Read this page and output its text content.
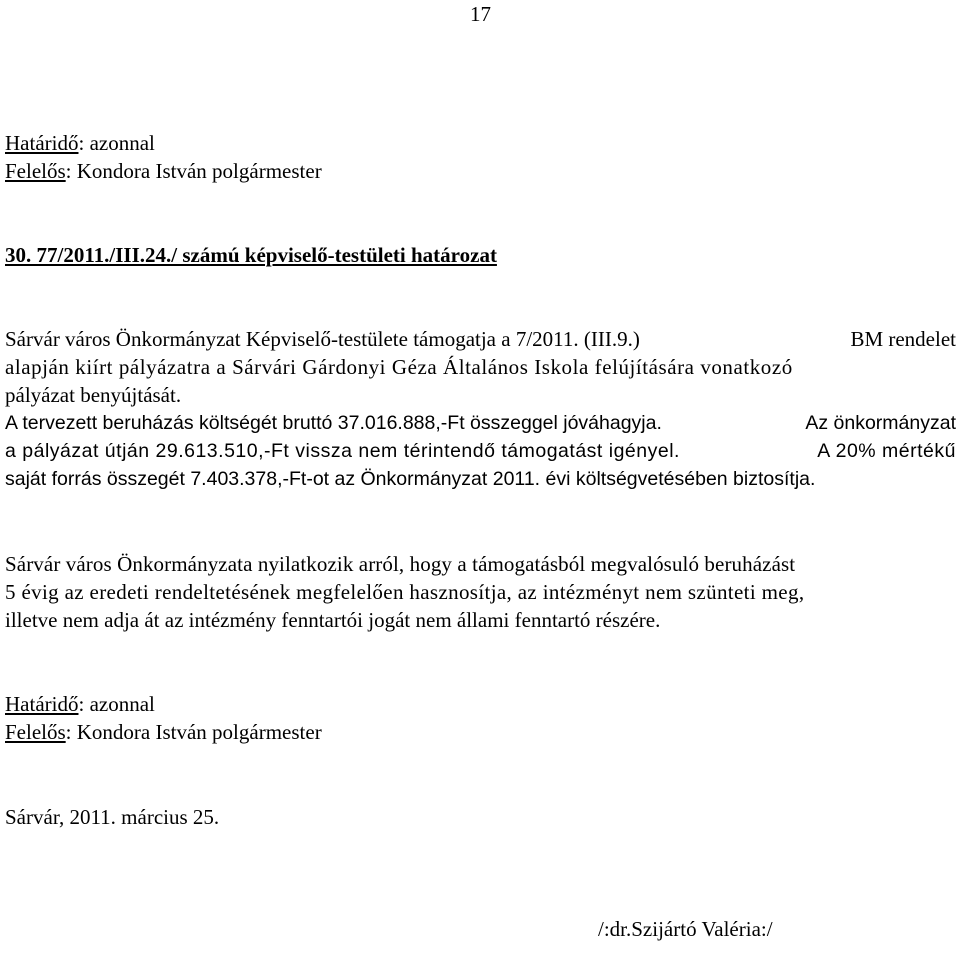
17
Határidő: azonnal
Felelős: Kondora István polgármester
30. 77/2011./III.24./ számú képviselő-testületi határozat
Sárvár város Önkormányzat Képviselő-testülete támogatja a 7/2011. (III.9.)	BM rendelet
alapján kiírt pályázatra a Sárvári Gárdonyi Géza Általános Iskola felújítására vonatkozó
pályázat benyújtását.
A tervezett beruházás költségét bruttó 37.016.888,-Ft összeggel jóváhagyja.	Az önkormányzat
a pályázat útján 29.613.510,-Ft vissza nem térintendő támogatást igényel.	A 20% mértékű
saját forrás összegét 7.403.378,-Ft-ot az Önkormányzat 2011. évi költségvetésében biztosítja.
Sárvár város Önkormányzata nyilatkozik arról, hogy a támogatásból megvalósuló beruházást
5 évig az eredeti rendeltetésének megfelelően hasznosítja, az intézményt nem szünteti meg,
illetve nem adja át az intézmény fenntartói jogát nem állami fenntartó részére.
Határidő: azonnal
Felelős: Kondora István polgármester
Sárvár, 2011. március 25.
/:dr.Szijártó Valéria:/
